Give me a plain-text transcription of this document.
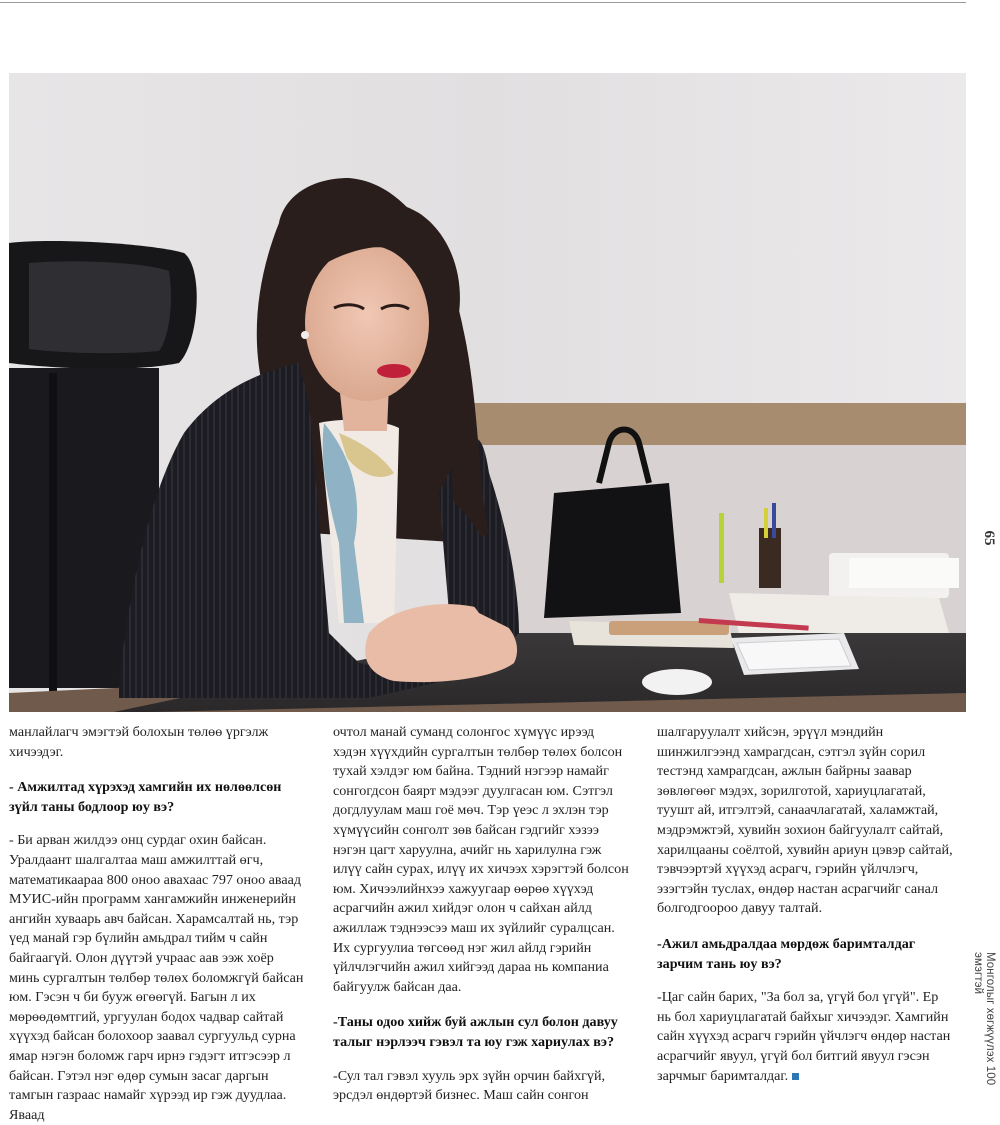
65
Монголыг хөгжүүлэх 100 эмэгтэй

манлайлагч эмэгтэй болохын төлөө үргэлж хичээдэг.

- Амжилтад хүрэхэд хамгийн их нөлөөлсөн зүйл таны бодлоор юу вэ?

- Би арван жилдээ онц сурдаг охин байсан. Уралдаант шалгалтаа маш амжилттай өгч, математикаараа 800 оноо авахаас 797 оноо аваад МУИС-ийн программ хангамжийн инженерийн ангийн хуваарь авч байсан. Харамсалтай нь, тэр үед манай гэр бүлийн амьдрал тийм ч сайн байгаагүй. Олон дүүтэй учраас аав ээж хоёр минь сургалтын төлбөр төлөх боломжгүй байсан юм. Гэсэн ч би бууж өгөөгүй. Багын л их мөрөөдөмтгий, ургуулан бодох чадвар сайтай хүүхэд байсан болохоор заавал сургуульд сурна ямар нэгэн боломж гарч ирнэ гэдэгт итгэсээр л байсан. Гэтэл нэг өдөр сумын засаг даргын тамгын газраас намайг хүрээд ир гэж дуудлаа. Яваад

очтол манай суманд солонгос хүмүүс ирээд хэдэн хүүхдийн сургалтын төлбөр төлөх болсон тухай хэлдэг юм байна. Тэдний нэгээр намайг сонгогдсон баярт мэдээг дуулгасан юм. Сэтгэл догдлуулам маш гоё мөч. Тэр үеэс л эхлэн тэр хүмүүсийн сонголт зөв байсан гэдгийг хэзээ нэгэн цагт харуулна, ачийг нь харилулна гэж илүү сайн сурах, илүү их хичээх хэрэгтэй болсон юм. Хичээлийнхээ хажуугаар өөрөө хүүхэд асрагчийн ажил хийдэг олон ч сайхан айлд ажиллаж тэднээсээ маш их зүйлийг суралцсан. Их сургуулиа төгсөөд нэг жил айлд гэрийн үйлчлэгчийн ажил хийгээд дараа нь компаниа байгуулж байсан даа.

-Таны одоо хийж буй ажлын сул болон давуу талыг нэрлээч гэвэл та юу гэж хариулах вэ?

-Сул тал гэвэл хууль эрх зүйн орчин байхгүй, эрсдэл өндөртэй бизнес. Маш сайн сонгон

шалгаруулалт хийсэн, эрүүл мэндийн шинжилгээнд хамрагдсан, сэтгэл зүйн сорил тестэнд хамрагдсан, ажлын байрны заавар зөвлөгөөг мэдэх, зорилготой, хариуцлагатай, туушт ай, итгэлтэй, санаачлагатай, халамжтай, мэдрэмжтэй, хувийн зохион байгуулалт сайтай, харилцааны соёлтой, хувийн ариун цэвэр сайтай, тэвчээртэй хүүхэд асрагч, гэрийн үйлчлэгч, эзэгтэйн туслах, өндөр настан асрагчийг санал болгодгоороо давуу талтай.

-Ажил амьдралдаа мөрдөж баримталдаг зарчим тань юу вэ?

-Цаг сайн барих, "За бол за, үгүй бол үгүй". Ер нь бол хариуцлагатай байхыг хичээдэг. Хамгийн сайн хүүхэд асрагч гэрийн үйчлэгч өндөр настан асрагчийг явуул, үгүй бол битгий явуул гэсэн зарчмыг баримталдаг.
